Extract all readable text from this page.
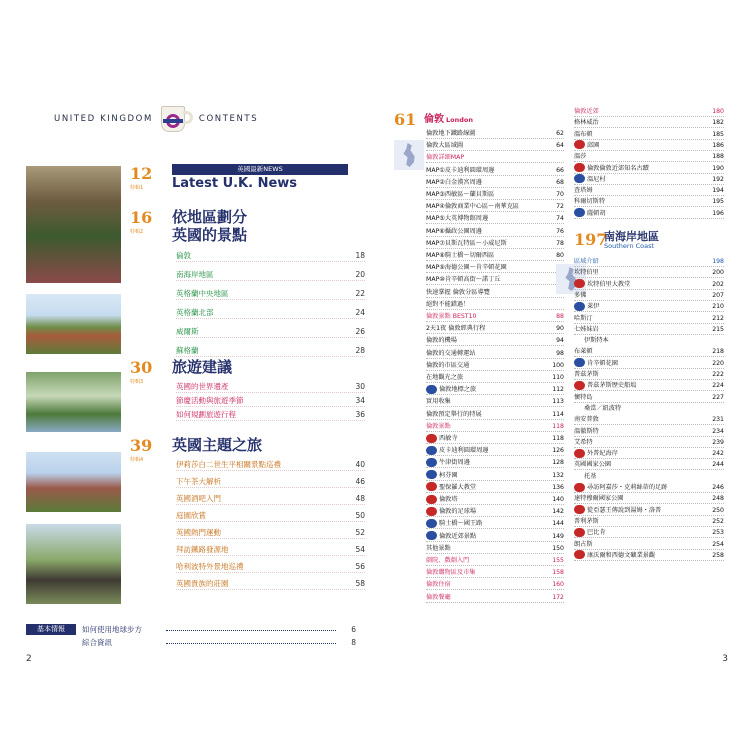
UNITED KINGDOM	CONTENTS
12
特輯1
英國最新NEWS
Latest U.K. News
16
特輯2
依地區劃分
英國的景點
倫敦	18
南海岸地區	20
英格蘭中央地區	22
英格蘭北部	24
威爾斯	26
蘇格蘭	28
30
特輯3
旅遊建議
英國的世界遺產	30
節慶活動與旅遊季節	34
如何規劃旅遊行程	36
39
特輯4
英國主題之旅
伊莉莎白二世生平相關景點巡禮	40
下午茶大解析	46
英國酒吧入門	48
庭園欣賞	50
英國熱門運動	52
拜訪鐵路發源地	54
哈利波特外景地巡禮	56
英國貴族的莊園	58
基本情報	如何使用地球步方	6
綜合資訊	8
2
61 倫敦 London
倫敦地下鐵路線圖	62
倫敦大區域圖	64
倫敦詳細MAP
MAP①皮卡迪利圓環周邊	66
MAP②白金漢宮周邊	68
MAP③西敏區～蘭貝斯區	70
MAP④倫敦商業中心區～南華克區	72
MAP⑤大英博物館周邊	74
MAP⑥攝政公園周邊	76
MAP⑦貝斯瓦特區～小威尼斯	78
MAP⑧騎士橋～切爾西區	80
MAP⑨海德公園～肯辛頓花園
MAP⑩肯辛頓高街～諾丁丘
快速掌握 倫敦分區導覽
絕對不能錯過！
倫敦景點 BEST10	88
2天1夜 倫敦經典行程	90
倫敦的機場	94
倫敦的交通轉運站	98
倫敦的市區交通	100
在地觀光之旅	110
倫敦地標之旅	112
實用收集	113
倫敦預定舉行的特展	114
倫敦景點	118
西敏寺	118
皮卡迪利圓環周邊	126
牛津街周邊	128
柯芬園	132
聖保羅大教堂	136
倫敦塔	140
倫敦的足球場	142
騎士橋～國王路	144
倫敦近郊景點	149
其他景點	150
劇院、戲劇入門	155
倫敦購物區及市集	158
倫敦住宿	160
倫敦餐廳	172
倫敦近郊	180
格林威治	182
溫布頓	185
邱園	186
溫莎	188
倫敦倫敦近郊知名古蹟	190
溫尼村	192
查塔姆	194
科爾切斯特	195
薩頓胡	196
197
南海岸地區
Southern Coast
區域介紹	198
坎特伯里	200
坎特伯里大教堂	202
多佛	207
萊伊	210
哈斯汀	212
七姊妹岩	215
伊斯特本
布萊頓	218
肯辛頓花園	220
普茲茅斯	222
普茲茅斯歷史船塢	224
懷特島	227
桑當／紐波特
南安普敦	231
溫徹斯特	234
艾希特	239
外普紀海岸	242
英國國家公園	244
托基
尋訪阿嘉莎・克莉絲蒂的足跡	246
達特穆爾國家公園	248
從亞瑟王傳說到湯姆・洛普	250
普利茅斯	252
巴比肯	253
朗占斯	254
康沃爾和西德文礦業景觀	258
3
